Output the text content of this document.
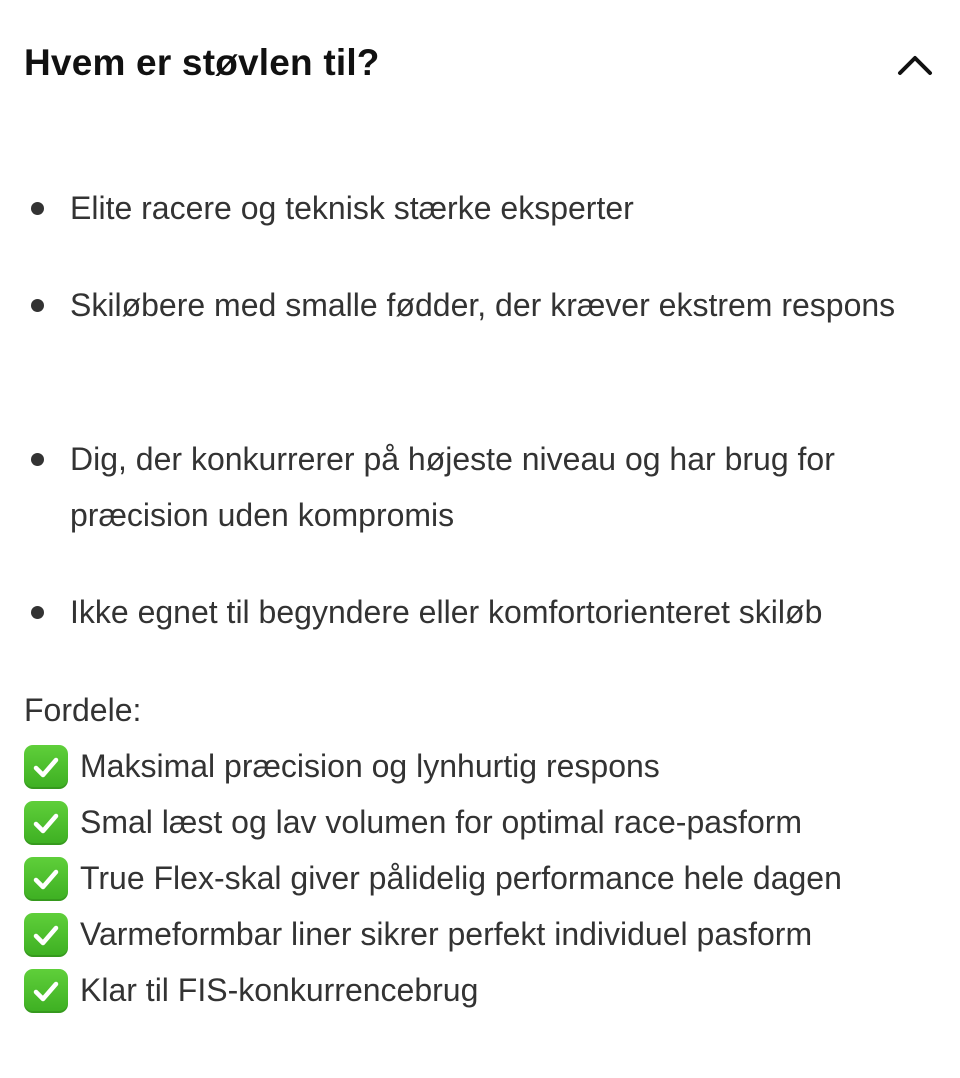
Hvem er støvlen til?
Elite racere og teknisk stærke eksperter
Skiløbere med smalle fødder, der kræver ekstrem respons
Dig, der konkurrerer på højeste niveau og har brug for præcision uden kompromis
Ikke egnet til begyndere eller komfortorienteret skiløb
Fordele:
Maksimal præcision og lynhurtig respons
Smal læst og lav volumen for optimal race-pasform
True Flex-skal giver pålidelig performance hele dagen
Varmeformbar liner sikrer perfekt individuel pasform
Klar til FIS-konkurrencebrug
